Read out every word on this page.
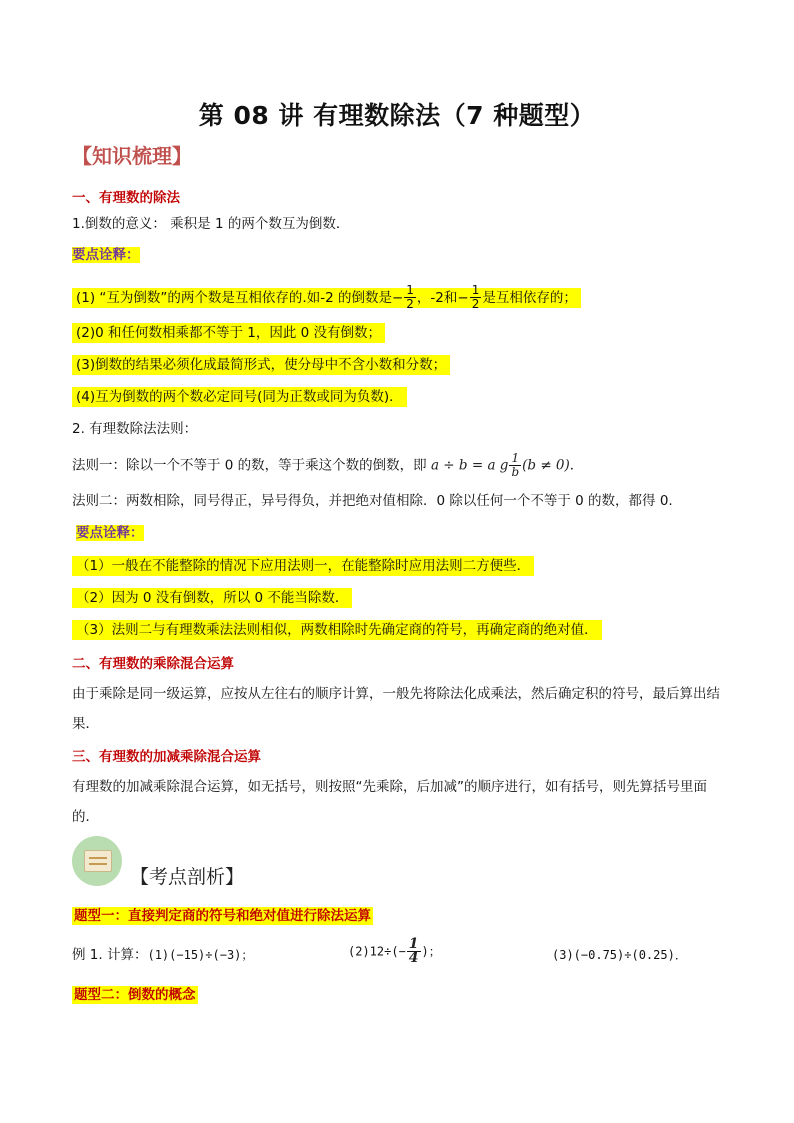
第 08 讲 有理数除法（7 种题型）
【知识梳理】
一、有理数的除法
1.倒数的意义： 乘积是 1 的两个数互为倒数．
要点诠释：
(1) “互为倒数”的两个数是互相依存的.如-2 的倒数是− $\frac{1}{2}$ ，-2和− $\frac{1}{2}$ 是互相依存的；
(2)0 和任何数相乘都不等于 1，因此 0 没有倒数；
(3)倒数的结果必须化成最简形式，使分母中不含小数和分数；
(4)互为倒数的两个数必定同号(同为正数或同为负数)．
2. 有理数除法法则：
法则一：除以一个不等于 0 的数，等于乘这个数的倒数，即 a ÷ b = a g $\frac{1}{b} (b \ne 0)$．
法则二：两数相除，同号得正，异号得负，并把绝对值相除．0 除以任何一个不等于 0 的数，都得 0.
要点诠释：
（1）一般在不能整除的情况下应用法则一，在能整除时应用法则二方便些．
（2）因为 0 没有倒数，所以 0 不能当除数．
（3）法则二与有理数乘法法则相似，两数相除时先确定商的符号，再确定商的绝对值．
二、有理数的乘除混合运算
由于乘除是同一级运算，应按从左往右的顺序计算，一般先将除法化成乘法，然后确定积的符号，最后算出结果．
三、有理数的加减乘除混合运算
有理数的加减乘除混合运算，如无括号，则按照“先乘除，后加减”的顺序进行，如有括号，则先算括号里面的．
【考点剖析】
题型一：直接判定商的符号和绝对值进行除法运算
例 1. 计算：(1)(−15)÷(−3)；	$(2)12\div(- \frac{1}{4}$ )；	(3)(−0.75)÷(0.25)．
题型二：倒数的概念
